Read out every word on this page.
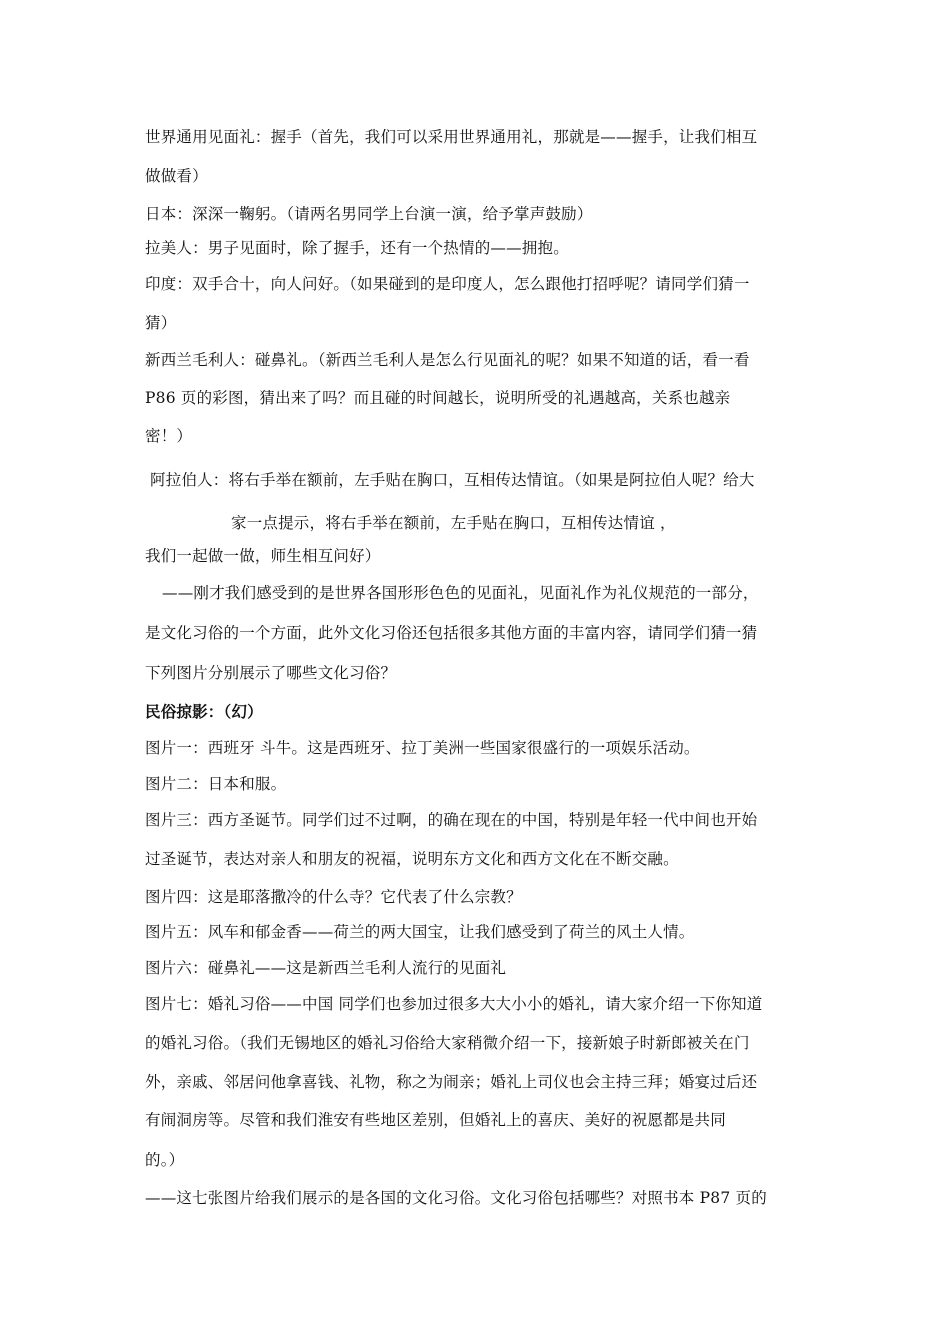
世界通用见面礼：握手（首先，我们可以采用世界通用礼，那就是——握手，让我们相互
做做看）
日本：深深一鞠躬。（请两名男同学上台演一演，给予掌声鼓励）
拉美人：男子见面时，除了握手，还有一个热情的——拥抱。
印度：双手合十，向人问好。（如果碰到的是印度人，怎么跟他打招呼呢？请同学们猜一
猜）
新西兰毛利人：碰鼻礼。（新西兰毛利人是怎么行见面礼的呢？如果不知道的话，看一看
P86 页的彩图，猜出来了吗？而且碰的时间越长，说明所受的礼遇越高，关系也越亲
密！）
阿拉伯人：将右手举在额前，左手贴在胸口，互相传达情谊。（如果是阿拉伯人呢？给大
家一点提示，将右手举在额前，左手贴在胸口，互相传达情谊 ，
我们一起做一做，师生相互问好）
——刚才我们感受到的是世界各国形形色色的见面礼，见面礼作为礼仪规范的一部分，
是文化习俗的一个方面，此外文化习俗还包括很多其他方面的丰富内容，请同学们猜一猜
下列图片分别展示了哪些文化习俗？
民俗掠影：（幻）
图片一：西班牙 斗牛。这是西班牙、拉丁美洲一些国家很盛行的一项娱乐活动。
图片二：日本和服。
图片三：西方圣诞节。同学们过不过啊，的确在现在的中国，特别是年轻一代中间也开始
过圣诞节，表达对亲人和朋友的祝福，说明东方文化和西方文化在不断交融。
图片四：这是耶落撒冷的什么寺？它代表了什么宗教？
图片五：风车和郁金香——荷兰的两大国宝，让我们感受到了荷兰的风土人情。
图片六：碰鼻礼——这是新西兰毛利人流行的见面礼
图片七：婚礼习俗——中国 同学们也参加过很多大大小小的婚礼，请大家介绍一下你知道
的婚礼习俗。（我们无锡地区的婚礼习俗给大家稍微介绍一下，接新娘子时新郎被关在门
外，亲戚、邻居问他拿喜钱、礼物，称之为闹亲；婚礼上司仪也会主持三拜；婚宴过后还
有闹洞房等。尽管和我们淮安有些地区差别，但婚礼上的喜庆、美好的祝愿都是共同
的。）
——这七张图片给我们展示的是各国的文化习俗。文化习俗包括哪些？对照书本 P87 页的
